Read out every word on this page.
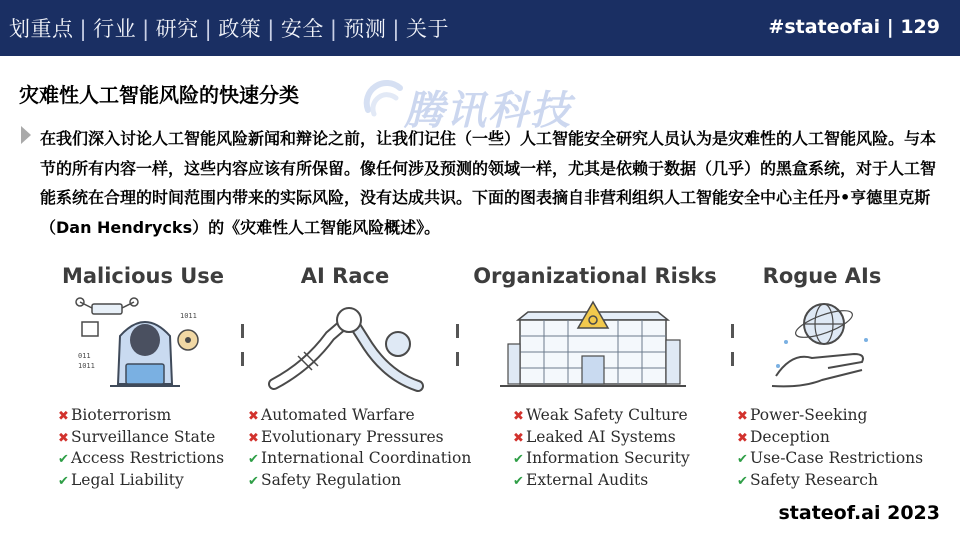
划重点 | 行业 | 研究 | 政策 | 安全 | 预测 | 关于	#stateofai | 129
腾讯科技
灾难性人工智能风险的快速分类
在我们深入讨论人工智能风险新闻和辩论之前，让我们记住（一些）人工智能安全研究人员认为是灾难性的人工智能风险。与本节的所有内容一样，这些内容应该有所保留。像任何涉及预测的领域一样，尤其是依赖于数据（几乎）的黑盒系统，对于人工智能系统在合理的时间范围内带来的实际风险，没有达成共识。下面的图表摘自非营利组织人工智能安全中心主任丹•亨德里克斯（Dan Hendrycks）的《灾难性人工智能风险概述》。
Malicious Use	AI Race	Organizational Risks Rogue AIs
1011
011
1011
✖ Bioterrorism
✖ Surveillance State
✔ Access Restrictions
✔ Legal Liability
✖ Automated Warfare
✖ Evolutionary Pressures
✔ International Coordination
✔ Safety Regulation
✖ Weak Safety Culture
✖ Leaked AI Systems
✔ Information Security
✔ External Audits
✖ Power-Seeking
✖ Deception
✔ Use-Case Restrictions
✔ Safety Research
stateof.ai 2023
